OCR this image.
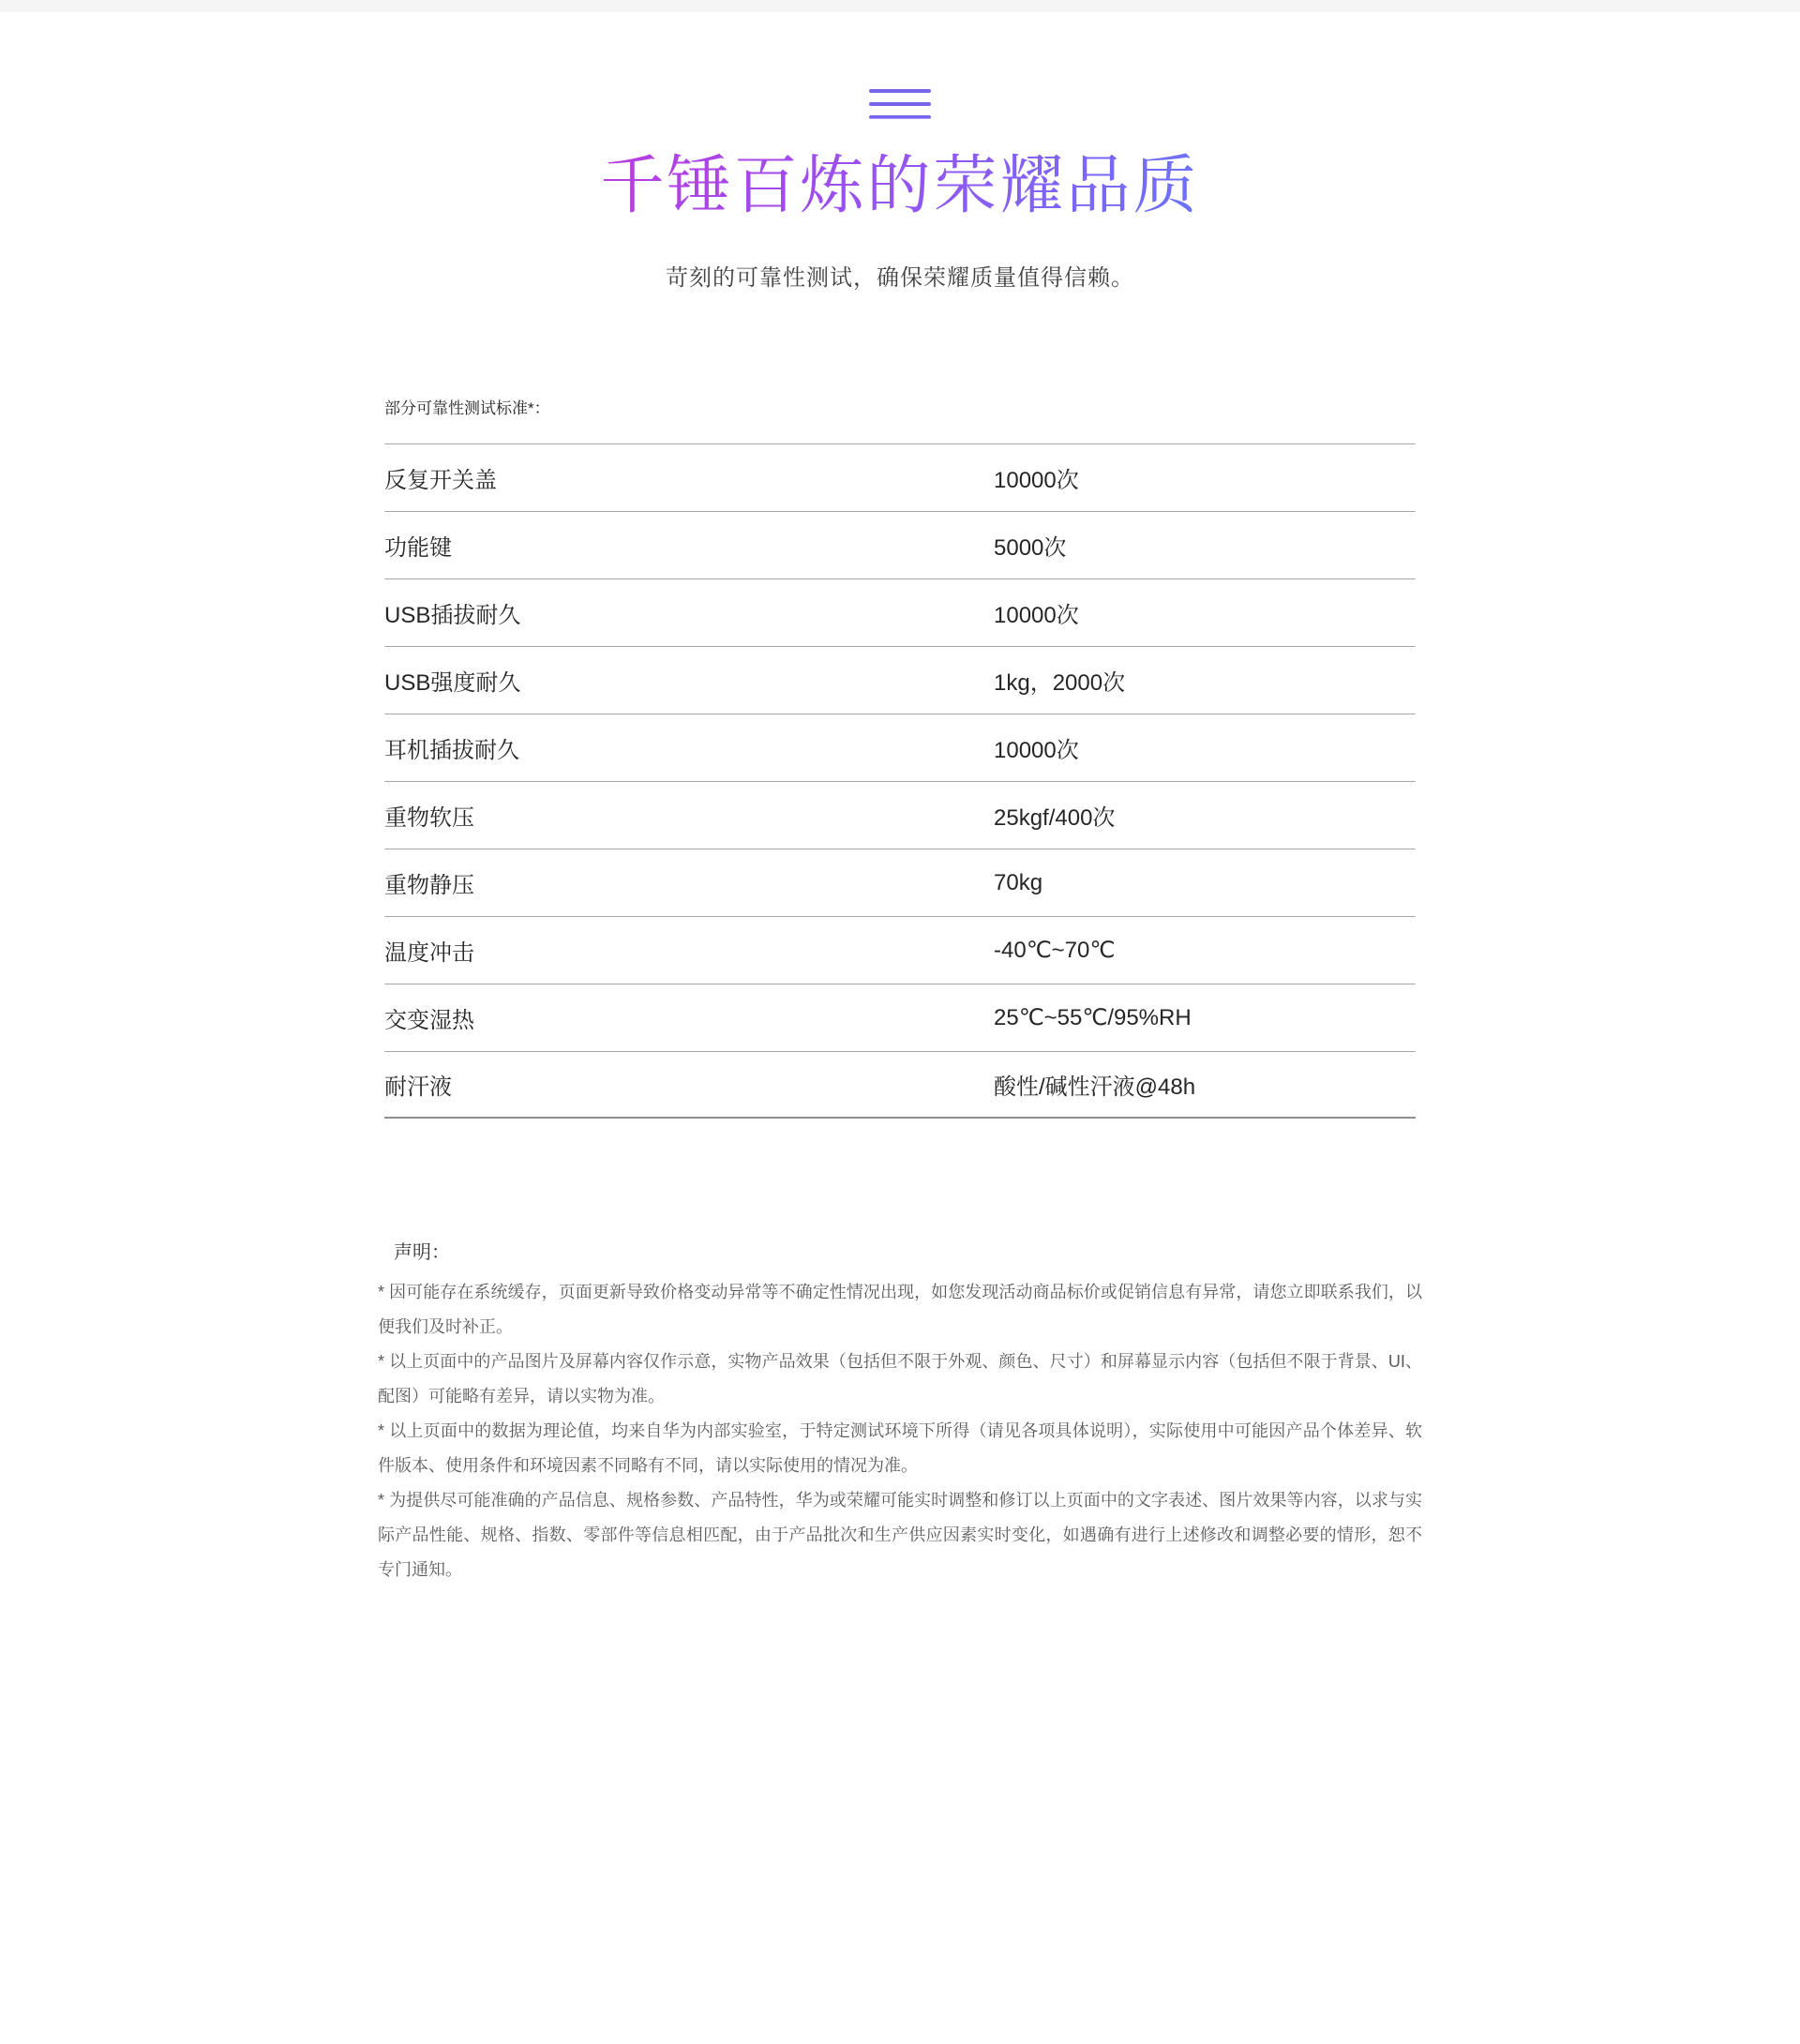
千锤百炼的荣耀品质
苛刻的可靠性测试，确保荣耀质量值得信赖。
部分可靠性测试标准*：
反复开关盖	10000次
功能键	5000次
USB插拔耐久	10000次
USB强度耐久	1kg，2000次
耳机插拔耐久	10000次
重物软压	25kgf/400次
重物静压	70kg
温度冲击	-40℃~70℃
交变湿热	25℃~55℃/95%RH
耐汗液	酸性/碱性汗液@48h
声明：

* 因可能存在系统缓存，页面更新导致价格变动异常等不确定性情况出现，如您发现活动商品标价或促销信息有异常，请您立即联系我们，以便我们及时补正。

* 以上页面中的产品图片及屏幕内容仅作示意，实物产品效果（包括但不限于外观、颜色、尺寸）和屏幕显示内容（包括但不限于背景、UI、配图）可能略有差异，请以实物为准。

* 以上页面中的数据为理论值，均来自华为内部实验室，于特定测试环境下所得（请见各项具体说明），实际使用中可能因产品个体差异、软件版本、使用条件和环境因素不同略有不同，请以实际使用的情况为准。

* 为提供尽可能准确的产品信息、规格参数、产品特性，华为或荣耀可能实时调整和修订以上页面中的文字表述、图片效果等内容，以求与实际产品性能、规格、指数、零部件等信息相匹配，由于产品批次和生产供应因素实时变化，如遇确有进行上述修改和调整必要的情形，恕不专门通知。
